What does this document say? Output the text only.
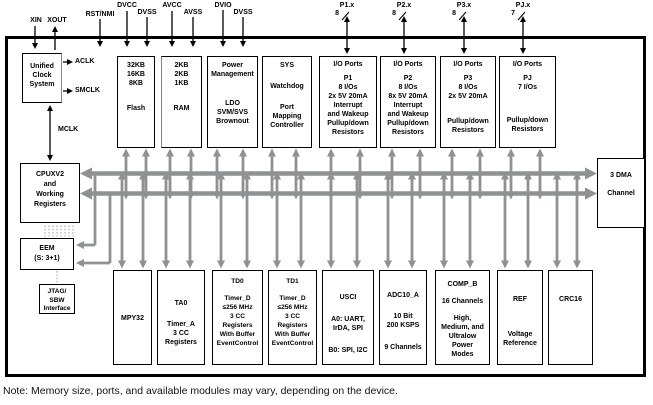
XIN XOUT
RST/NMI
DVCC
DVSS
AVCC
AVSS
DVIO
DVSS
P1.x
8
P2.x
8
P3.x
8
PJ.x
7
ACLK
SMCLK
MCLK
Unified
Clock
System
32KB
16KB
8KB
Flash
2KB
2KB
1KB
RAM
Power
Management
LDO
SVM/SVS
Brownout
SYS
Watchdog
Port
Mapping
Controller
I/O Ports
P1
8 I/Os
2x 5V 20mA
Interrupt
and Wakeup
Pullup/down
Resistors
I/O Ports
P2
8 I/Os
8x 5V 20mA
Interrupt
and Wakeup
Pullup/down
Resistors
I/O Ports
P3
8 I/Os
2x 5V 20mA
Pullup/down
Resistors
I/O Ports
PJ
7 I/Os
Pullup/down
Resistors
CPUXV2
and
Working
Registers
EEM
(S: 3+1)
JTAG/
SBW
Interface
3 DMA
Channel
MPY32
TA0
Timer_A
3 CC
Registers
TD0
Timer_D
≤256 MHz
3 CC
Registers
With Buffer
EventControl
TD1
Timer_D
≤256 MHz
3 CC
Registers
With Buffer
EventControl
USCI
A0: UART,
IrDA, SPI
B0: SPI, I2C
ADC10_A
10 Bit
200 KSPS
9 Channels
COMP_B
16 Channels
High,
Medium, and
Ultralow
Power
Modes
REF
Voltage
Reference
CRC16
Note: Memory size, ports, and available modules may vary, depending on the device.
